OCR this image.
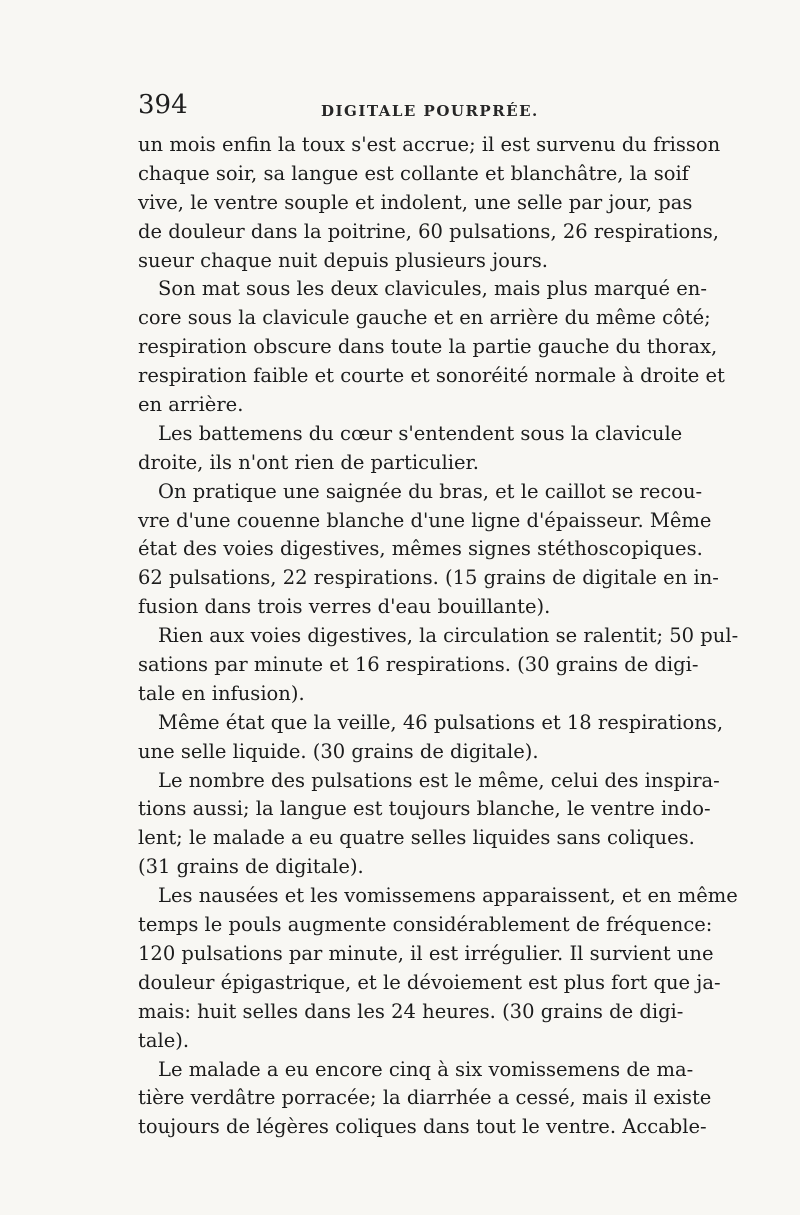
394	DIGITALE POURPRÉE.
un mois enfin la toux s'est accrue; il est survenu du frisson
chaque soir, sa langue est collante et blanchâtre, la soif
vive, le ventre souple et indolent, une selle par jour, pas
de douleur dans la poitrine, 60 pulsations, 26 respirations,
sueur chaque nuit depuis plusieurs jours.
Son mat sous les deux clavicules, mais plus marqué en-
core sous la clavicule gauche et en arrière du même côté;
respiration obscure dans toute la partie gauche du thorax,
respiration faible et courte et sonoréité normale à droite et
en arrière.
Les battemens du cœur s'entendent sous la clavicule
droite, ils n'ont rien de particulier.
On pratique une saignée du bras, et le caillot se recou-
vre d'une couenne blanche d'une ligne d'épaisseur. Même
état des voies digestives, mêmes signes stéthoscopiques.
62 pulsations, 22 respirations. (15 grains de digitale en in-
fusion dans trois verres d'eau bouillante).
Rien aux voies digestives, la circulation se ralentit; 50 pul-
sations par minute et 16 respirations. (30 grains de digi-
tale en infusion).
Même état que la veille, 46 pulsations et 18 respirations,
une selle liquide. (30 grains de digitale).
Le nombre des pulsations est le même, celui des inspira-
tions aussi; la langue est toujours blanche, le ventre indo-
lent; le malade a eu quatre selles liquides sans coliques.
(31 grains de digitale).
Les nausées et les vomissemens apparaissent, et en même
temps le pouls augmente considérablement de fréquence:
120 pulsations par minute, il est irrégulier. Il survient une
douleur épigastrique, et le dévoiement est plus fort que ja-
mais: huit selles dans les 24 heures. (30 grains de digi-
tale).
Le malade a eu encore cinq à six vomissemens de ma-
tière verdâtre porracée; la diarrhée a cessé, mais il existe
toujours de légères coliques dans tout le ventre. Accable-
